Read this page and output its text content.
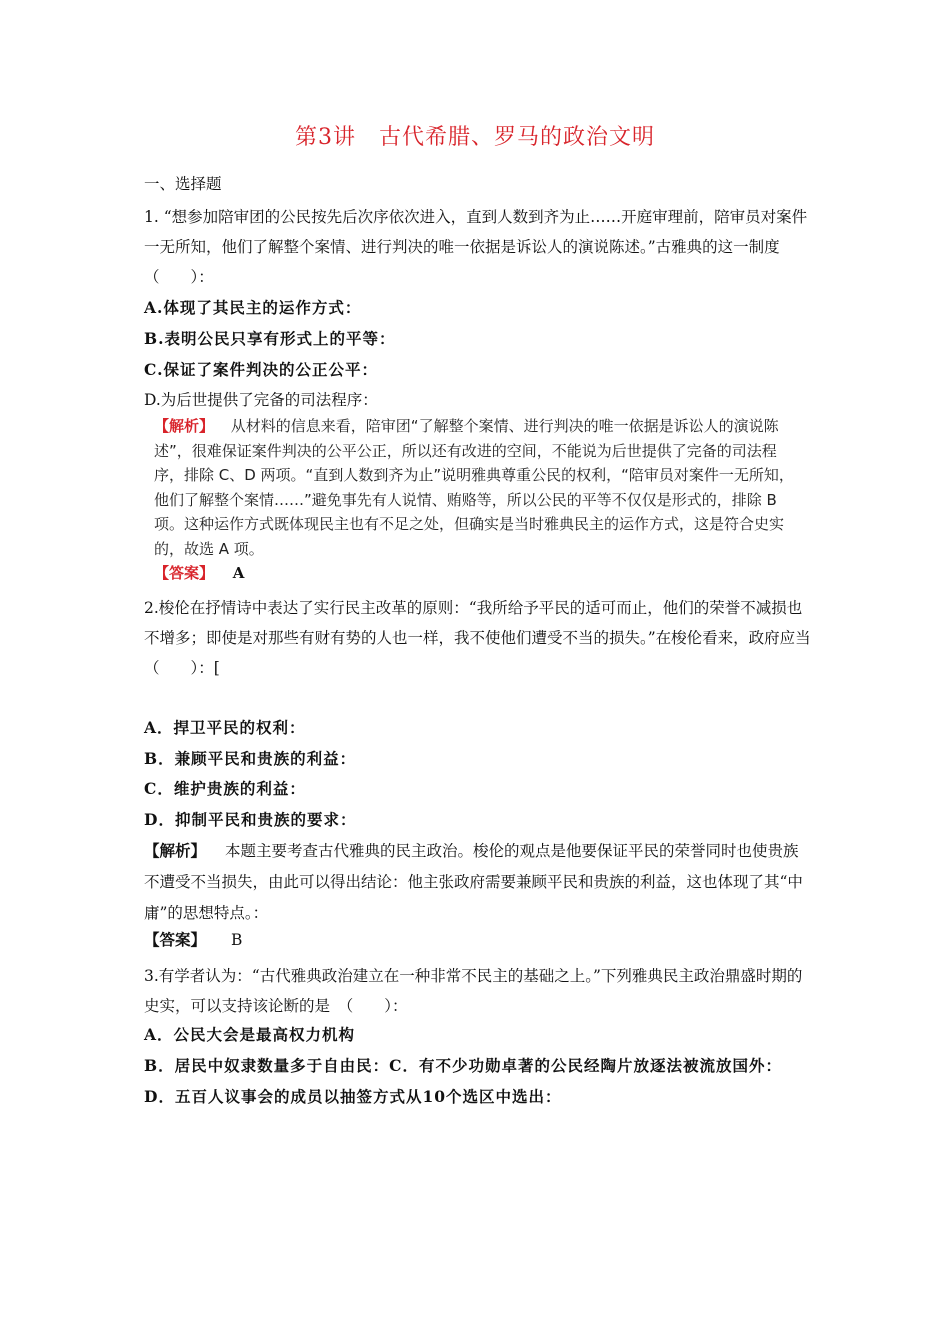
第3讲　古代希腊、罗马的政治文明
一、选择题
1. “想参加陪审团的公民按先后次序依次进入，直到人数到齐为止……开庭审理前，陪审员对案件一无所知，他们了解整个案情、进行判决的唯一依据是诉讼人的演说陈述。”古雅典的这一制度　（　　）：
A.体现了其民主的运作方式：
B.表明公民只享有形式上的平等：
C.保证了案件判决的公正公平：
D.为后世提供了完备的司法程序：
【解析】 从材料的信息来看，陪审团“了解整个案情、进行判决的唯一依据是诉讼人的演说陈述”，很难保证案件判决的公平公正，所以还有改进的空间，不能说为后世提供了完备的司法程序，排除 C、D 两项。“直到人数到齐为止”说明雅典尊重公民的权利，“陪审员对案件一无所知，他们了解整个案情……”避免事先有人说情、贿赂等，所以公民的平等不仅仅是形式的，排除 B 项。这种运作方式既体现民主也有不足之处，但确实是当时雅典民主的运作方式，这是符合史实的，故选 A 项。
【答案】 A
2.梭伦在抒情诗中表达了实行民主改革的原则：“我所给予平民的适可而止，他们的荣誉不减损也不增多；即使是对那些有财有势的人也一样，我不使他们遭受不当的损失。”在梭伦看来，政府应当　（　　）：[
A．捍卫平民的权利：
B．兼顾平民和贵族的利益：
C．维护贵族的利益：
D．抑制平民和贵族的要求：
【解析】 本题主要考查古代雅典的民主政治。梭伦的观点是他要保证平民的荣誉同时也使贵族不遭受不当损失，由此可以得出结论：他主张政府需要兼顾平民和贵族的利益，这也体现了其“中庸”的思想特点。：
【答案】 B
3.有学者认为：“古代雅典政治建立在一种非常不民主的基础之上。”下列雅典民主政治鼎盛时期的史实，可以支持该论断的是　（　　）：
A．公民大会是最高权力机构
B．居民中奴隶数量多于自由民：C．有不少功勋卓著的公民经陶片放逐法被流放国外：
D．五百人议事会的成员以抽签方式从10个选区中选出：
